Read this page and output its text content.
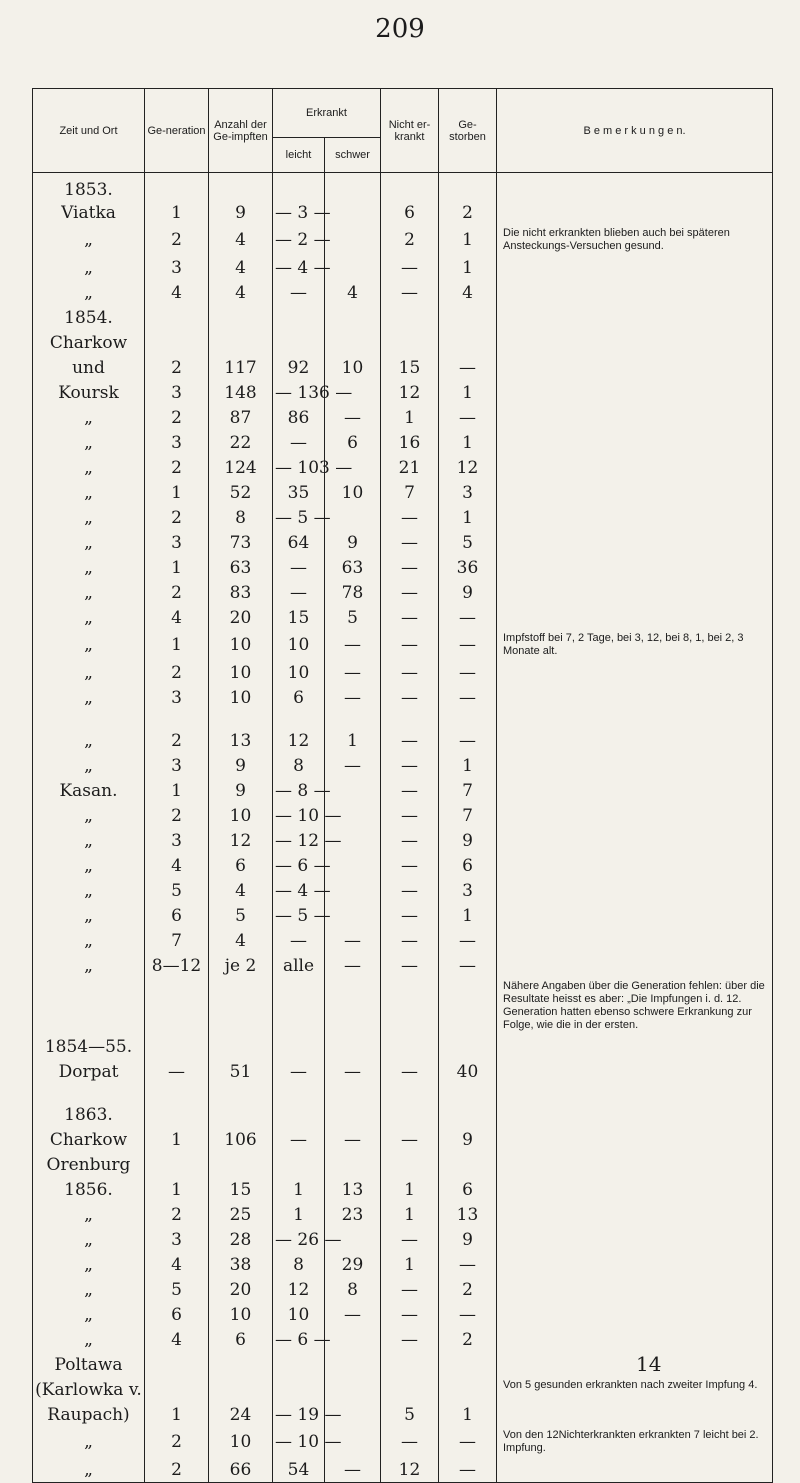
209
Zeit und Ort	Ge-neration	Anzahl der Ge-impften	Erkrankt		Nicht er-krankt	Ge-storben	B e m e r k u n g e n.
			leicht	schwer			
1853.							
Viatka	1	9	— 3 —		6	2	
„	2	4	— 2 —		2	1	Die nicht erkrankten blieben auch bei späteren Ansteckungs-Versuchen gesund.

„	3	4	— 4 —		—	1	
„	4	4	—	4	—	4	
1854.							
Charkow							
und	2	117	92	10	15	—	
Koursk	3	148	— 136 —		12	1	
„	2	87	86	—	1	—	
„	3	22	—	6	16	1	
„	2	124	— 103 —		21	12	
„	1	52	35	10	7	3	
„	2	8	— 5 —		—	1	
„	3	73	64	9	—	5	
„	1	63	—	63	—	36	
„	2	83	—	78	—	9	
„	4	20	15	5	—	—	
„	1	10	10	—	—	—	Impfstoff bei 7, 2 Tage, bei 3, 12, bei 8, 1, bei 2, 3 Monate alt.

„	2	10	10	—	—	—	
„	3	10	6	—	—	—	

„	2	13	12	1	—	—	
„	3	9	8	—	—	1	
Kasan.	1	9	— 8 —		—	7	
„	2	10	— 10 —		—	7	
„	3	12	— 12 —		—	9	
„	4	6	— 6 —		—	6	
„	5	4	— 4 —		—	3	
„	6	5	— 5 —		—	1	
„	7	4	—	—	—	—	
„	8—12	je 2	alle	—	—	—	

							Nähere Angaben über die Generation fehlen: über die Resultate heisst es aber: „Die Impfungen i. d. 12. Generation hatten ebenso schwere Erkrankung zur Folge, wie die in der ersten.

1854—55.							
Dorpat	—	51	—	—	—	40	

1863.							
Charkow	1	106	—	—	—	9	
Orenburg							
1856.	1	15	1	13	1	6	
„	2	25	1	23	1	13	
„	3	28	— 26 —		—	9	
„	4	38	8	29	1	—	
„	5	20	12	8	—	2	
„	6	10	10	—	—	—	
„	4	6	— 6 —		—	2	
Poltawa							
(Karlowka v.							Von 5 gesunden erkrankten nach zweiter Impfung 4.

Raupach)	1	24	— 19 —		5	1	
„	2	10	— 10 —		—	—	Von den 12Nichterkrankten erkrankten 7 leicht bei 2. Impfung.

„	2	66	54	—	12	—	
14
